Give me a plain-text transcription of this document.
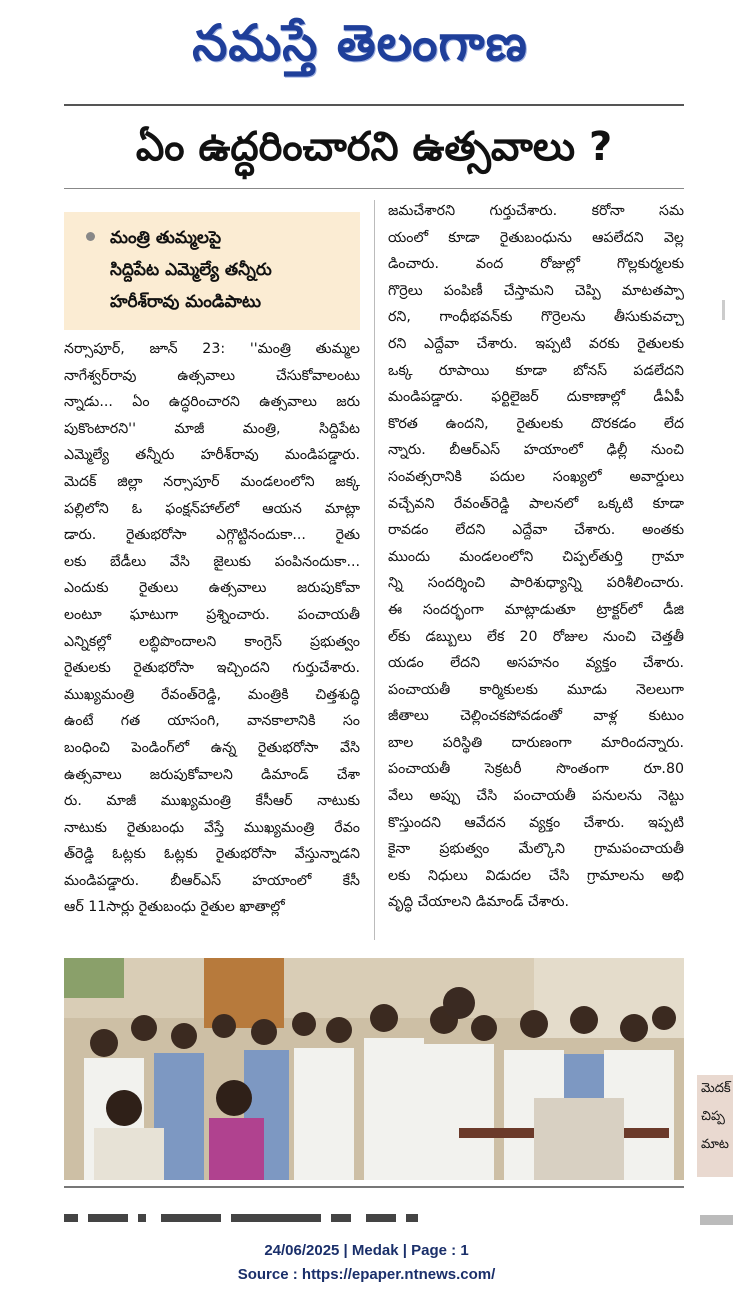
నమస్తే తెలంగాణ
ఏం ఉద్ధరించారని ఉత్సవాలు ?
మంత్రి తుమ్మలపై
సిద్దిపేట ఎమ్మెల్యే తన్నీరు
హరీశ్‌రావు మండిపాటు
నర్సాపూర్, జూన్ 23: ''మంత్రి తుమ్మల
నాగేశ్వర్‌రావు ఉత్సవాలు చేసుకోవాలంటు
న్నాడు... ఏం ఉద్ధరించారని ఉత్సవాలు జరు
పుకొంటారని'' మాజీ మంత్రి, సిద్దిపేట
ఎమ్మెల్యే తన్నీరు హరీశ్‌రావు మండిపడ్డారు.
మెదక్ జిల్లా నర్సాపూర్ మండలంలోని జక్క
పల్లిలోని ఓ ఫంక్షన్‌హాల్‌లో ఆయన మాట్లా
డారు. రైతుభరోసా ఎగ్గొట్టినందుకా... రైతు
లకు బేడీలు వేసి జైలుకు పంపినందుకా...
ఎందుకు రైతులు ఉత్సవాలు జరుపుకోవా
లంటూ ఘాటుగా ప్రశ్నించారు. పంచాయతీ
ఎన్నికల్లో లబ్ధిపొందాలని కాంగ్రెస్ ప్రభుత్వం
రైతులకు రైతుభరోసా ఇచ్చిందని గుర్తుచేశారు.
ముఖ్యమంత్రి రేవంత్‌రెడ్డి, మంత్రికి చిత్తశుద్ధి
ఉంటే గత యాసంగి, వానకాలానికి సం
బంధించి పెండింగ్‌లో ఉన్న రైతుభరోసా వేసి
ఉత్సవాలు జరుపుకోవాలని డిమాండ్ చేశా
రు. మాజీ ముఖ్యమంత్రి కేసీఆర్ నాటుకు
నాటుకు రైతుబంధు వేస్తే ముఖ్యమంత్రి రేవం
త్‌రెడ్డి ఓట్లకు ఓట్లకు రైతుభరోసా వేస్తున్నాడని
మండిపడ్డారు. బీఆర్‌ఎస్ హయాంలో కేసీ
ఆర్ 11సార్లు రైతుబంధు రైతుల ఖాతాల్లో
జమచేశారని గుర్తుచేశారు. కరోనా సమ
యంలో కూడా రైతుబంధును ఆపలేదని వెల్ల
డించారు. వంద రోజుల్లో గొల్లకుర్మలకు
గొర్రెలు పంపిణీ చేస్తామని చెప్పి మాటతప్పా
రని, గాంధీభవన్‌కు గొర్రెలను తీసుకువచ్చా
రని ఎద్దేవా చేశారు. ఇప్పటి వరకు రైతులకు
ఒక్క రూపాయి కూడా బోనస్ పడలేదని
మండిపడ్డారు. ఫర్టిలైజర్ దుకాణాల్లో డీఏపీ
కొరత ఉందని, రైతులకు దొరకడం లేద
న్నారు. బీఆర్‌ఎస్ హయాంలో ఢిల్లీ నుంచి
సంవత్సరానికి పదుల సంఖ్యలో అవార్డులు
వచ్చేవని రేవంత్‌రెడ్డి పాలనలో ఒక్కటి కూడా
రావడం లేదని ఎద్దేవా చేశారు. అంతకు
ముందు మండలంలోని చిప్పల్‌తుర్తి గ్రామా
న్ని సందర్శించి పారిశుధ్యాన్ని పరిశీలించారు.
ఈ సందర్భంగా మాట్లాడుతూ ట్రాక్టర్‌లో డీజి
ల్‌కు డబ్బులు లేక 20 రోజుల నుంచి చెత్తతీ
యడం లేదని అసహనం వ్యక్తం చేశారు.
పంచాయతీ కార్మికులకు మూడు నెలలుగా
జీతాలు చెల్లించకపోవడంతో వాళ్ల కుటుం
బాల పరిస్థితి దారుణంగా మారిందన్నారు.
పంచాయతీ సెక్రటరీ సొంతంగా రూ.80
వేలు అప్పు చేసి పంచాయతీ పనులను నెట్టు
కొస్తుందని ఆవేదన వ్యక్తం చేశారు. ఇప్పటి
కైనా ప్రభుత్వం మేల్కొని గ్రామపంచాయతీ
లకు నిధులు విడుదల చేసి గ్రామాలను అభి
వృద్ధి చేయాలని డిమాండ్ చేశారు.
మెదక్
చిప్ప
మాట

24/06/2025 | Medak | Page : 1
Source : https://epaper.ntnews.com/
